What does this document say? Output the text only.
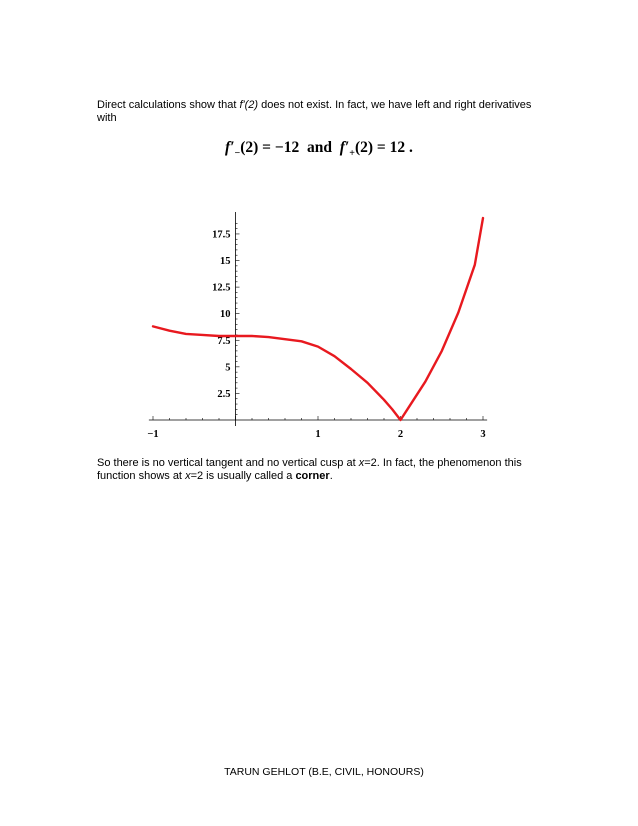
Direct calculations show that f'(2) does not exist. In fact, we have left and right derivatives with
$f'_-(2) = -12$ and $f'_+(2) = 12$ .
−1	1	2	3
2.5
5
7.5
10
12.5
15
17.5
So there is no vertical tangent and no vertical cusp at x=2. In fact, the phenomenon this function shows at x=2 is usually called a corner.
TARUN GEHLOT (B.E, CIVIL, HONOURS)
